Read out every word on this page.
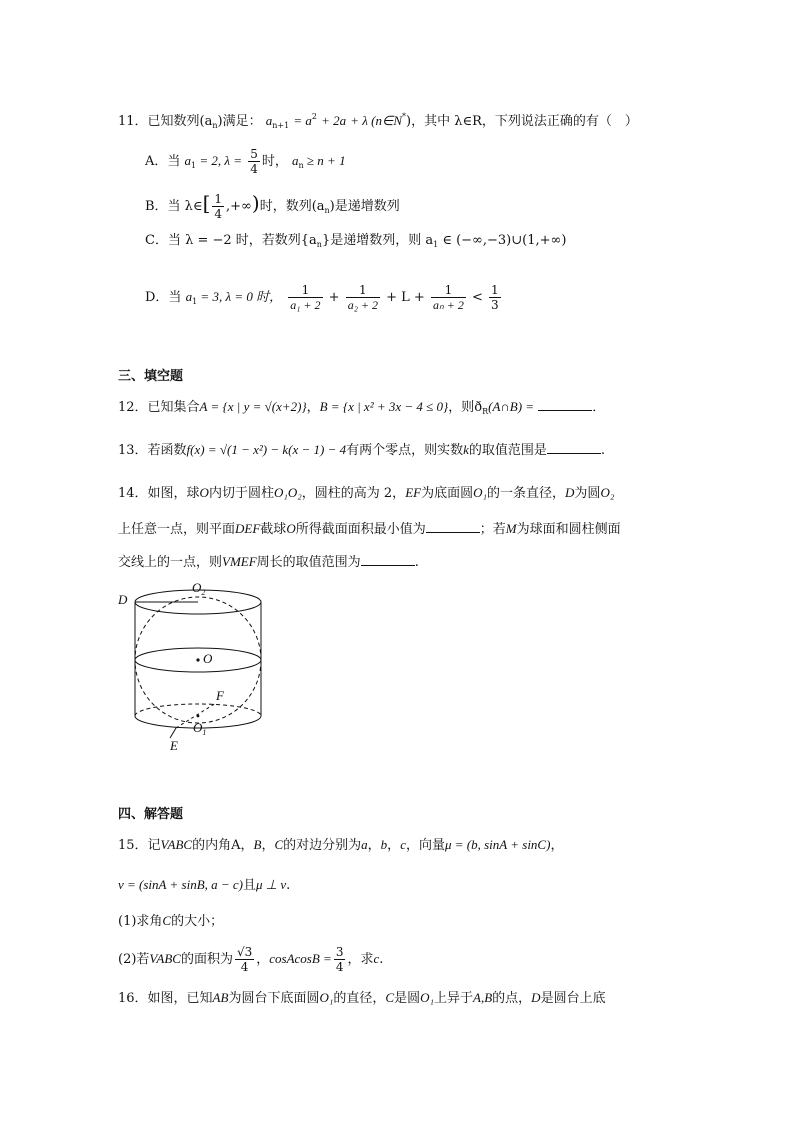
11．已知数列$(a_n)$满足： $a_{n+1} = a^2 + 2a + \lambda$ (n∈N*)，其中 λ∈R，下列说法正确的有（　）
A．当 $a_1 = 2$, $\lambda = \frac{5}{4}$ 时， $a_n \ge n + 1$
B．当 λ∈[ $\frac{1}{4}$ ,+∞)时，数列$(a_n)$是递增数列
C．当 λ = −2 时，若数列$\{a_n\}$是递增数列，则 $a_1$ ∈ (−∞,−3)∪(1,+∞)
D．当 $a_1 = 3$, λ = 0 时， $\frac{1}{\text{a₁ + 2}} + \frac{1}{\text{a₂ + 2}} + L + \frac{1}{\text{aₙ + 2}} < \frac{1}{3}$
三、填空题
12．已知集合A = {x | y = √(x+2)}，B = {x | x² + 3x − 4 ≤ 0}，则$ð_R(A\cap B)$ =	．
13．若函数f(x) = √(1 − x²) − k(x − 1) − 4有两个零点，则实数k的取值范围是	.
14．如图，球O内切于圆柱O₁O₂，圆柱的高为 2，EF为底面圆O₁的一条直径，D为圆O₂
上任意一点，则平面DEF截球O所得截面面积最小值为	；若M为球面和圆柱侧面
交线上的一点，则VMEF周长的取值范围为	.
D
$O_2$
O
F
$O_1$
E
四、解答题
15．记VABC的内角A，B，C的对边分别为a，b，c，向量μ = (b, sinA + sinC)，
v = (sinA + sinB, a − c)且μ ⊥ v.
(1)求角C的大小；
(2)若VABC的面积为 $\frac{√3}{4}$ ，cosAcosB = $\frac{3}{4}$ ，求c.
16．如图，已知AB为圆台下底面圆O₁的直径，C是圆O₁上异于A,B的点，D是圆台上底
